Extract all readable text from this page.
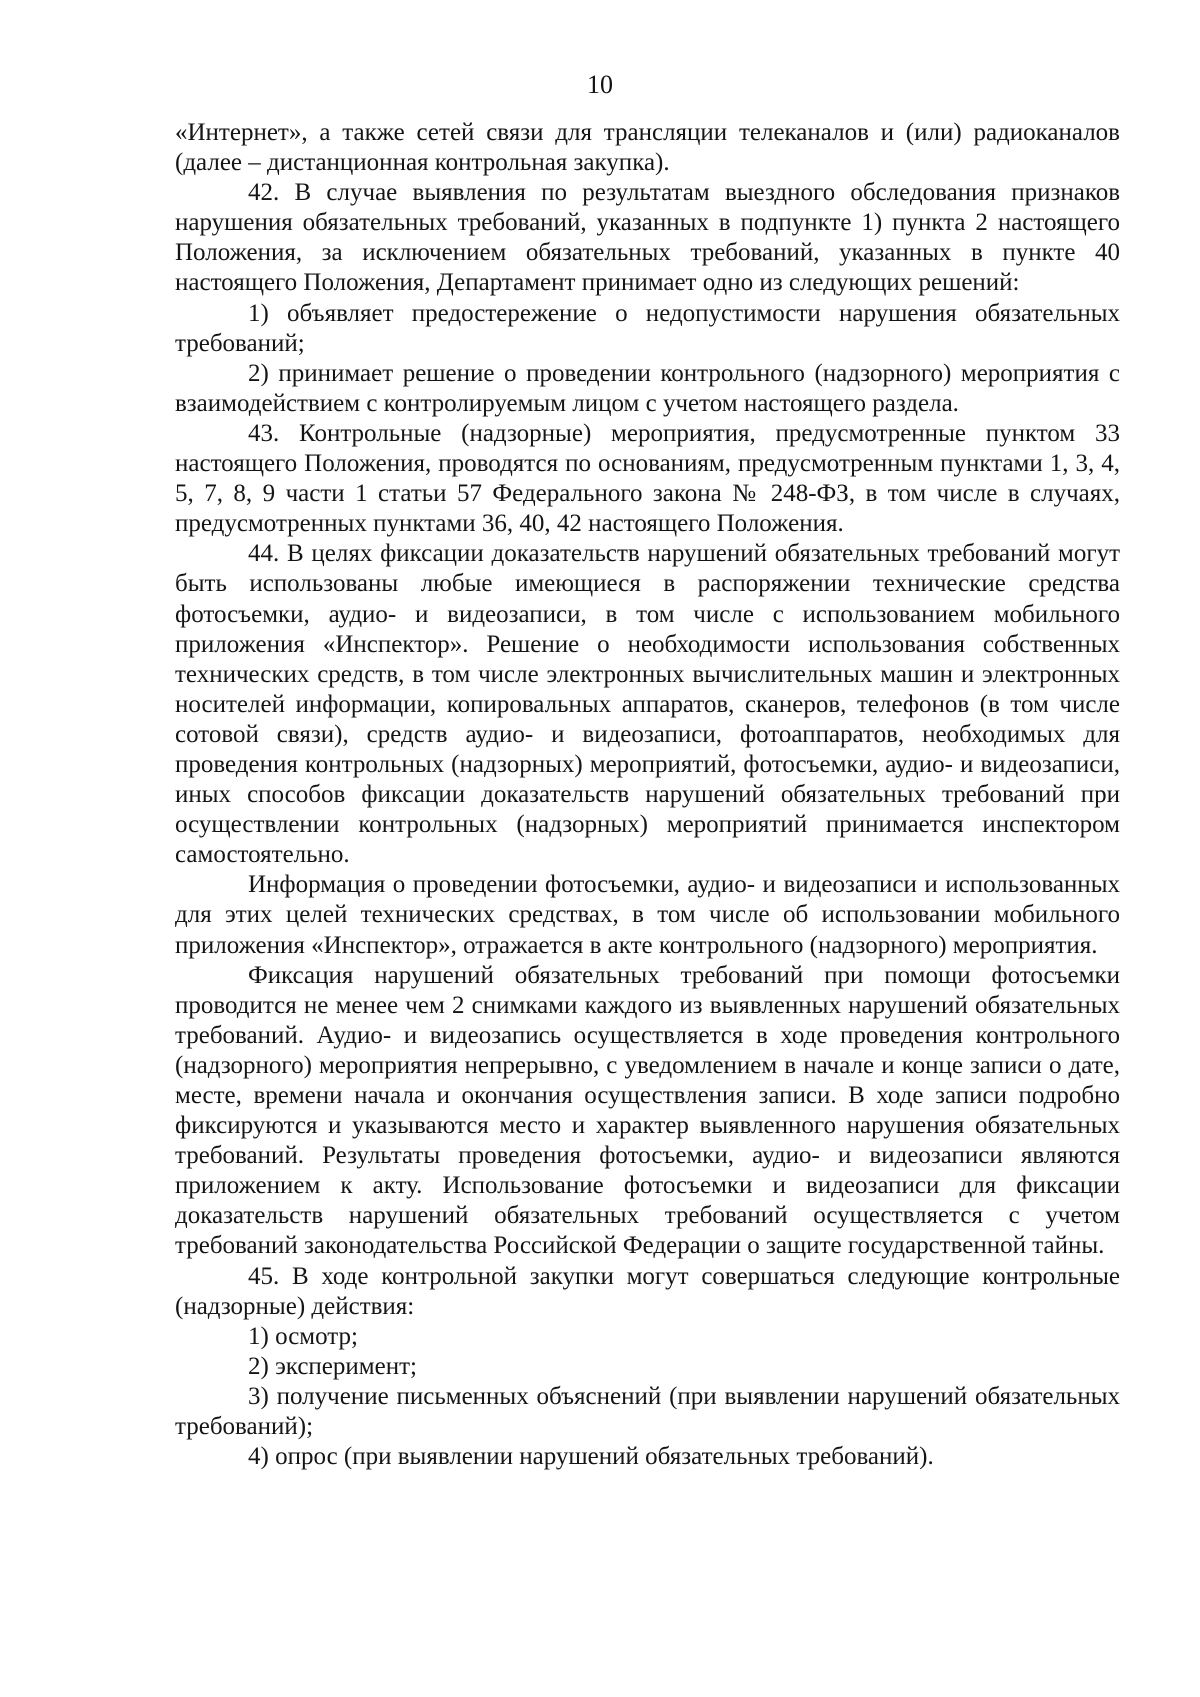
10

«Интернет», а также сетей связи для трансляции телеканалов и (или) радиоканалов (далее – дистанционная контрольная закупка).

42. В случае выявления по результатам выездного обследования признаков нарушения обязательных требований, указанных в подпункте 1) пункта 2 настоящего Положения, за исключением обязательных требований, указанных в пункте 40 настоящего Положения, Департамент принимает одно из следующих решений:

1) объявляет предостережение о недопустимости нарушения обязательных требований;

2) принимает решение о проведении контрольного (надзорного) мероприятия с взаимодействием с контролируемым лицом с учетом настоящего раздела.

43. Контрольные (надзорные) мероприятия, предусмотренные пунктом 33 настоящего Положения, проводятся по основаниям, предусмотренным пунктами 1, 3, 4, 5, 7, 8, 9 части 1 статьи 57 Федерального закона № 248-ФЗ, в том числе в случаях, предусмотренных пунктами 36, 40, 42 настоящего Положения.

44. В целях фиксации доказательств нарушений обязательных требований могут быть использованы любые имеющиеся в распоряжении технические средства фотосъемки, аудио- и видеозаписи, в том числе с использованием мобильного приложения «Инспектор». Решение о необходимости использования собственных технических средств, в том числе электронных вычислительных машин и электронных носителей информации, копировальных аппаратов, сканеров, телефонов (в том числе сотовой связи), средств аудио- и видеозаписи, фотоаппаратов, необходимых для проведения контрольных (надзорных) мероприятий, фотосъемки, аудио- и видеозаписи, иных способов фиксации доказательств нарушений обязательных требований при осуществлении контрольных (надзорных) мероприятий принимается инспектором самостоятельно.

Информация о проведении фотосъемки, аудио- и видеозаписи и использованных для этих целей технических средствах, в том числе об использовании мобильного приложения «Инспектор», отражается в акте контрольного (надзорного) мероприятия.

Фиксация нарушений обязательных требований при помощи фотосъемки проводится не менее чем 2 снимками каждого из выявленных нарушений обязательных требований. Аудио- и видеозапись осуществляется в ходе проведения контрольного (надзорного) мероприятия непрерывно, с уведомлением в начале и конце записи о дате, месте, времени начала и окончания осуществления записи. В ходе записи подробно фиксируются и указываются место и характер выявленного нарушения обязательных требований. Результаты проведения фотосъемки, аудио- и видеозаписи являются приложением к акту. Использование фотосъемки и видеозаписи для фиксации доказательств нарушений обязательных требований осуществляется с учетом требований законодательства Российской Федерации о защите государственной тайны.

45. В ходе контрольной закупки могут совершаться следующие контрольные (надзорные) действия:

1) осмотр;

2) эксперимент;

3) получение письменных объяснений (при выявлении нарушений обязательных требований);

4) опрос (при выявлении нарушений обязательных требований).
